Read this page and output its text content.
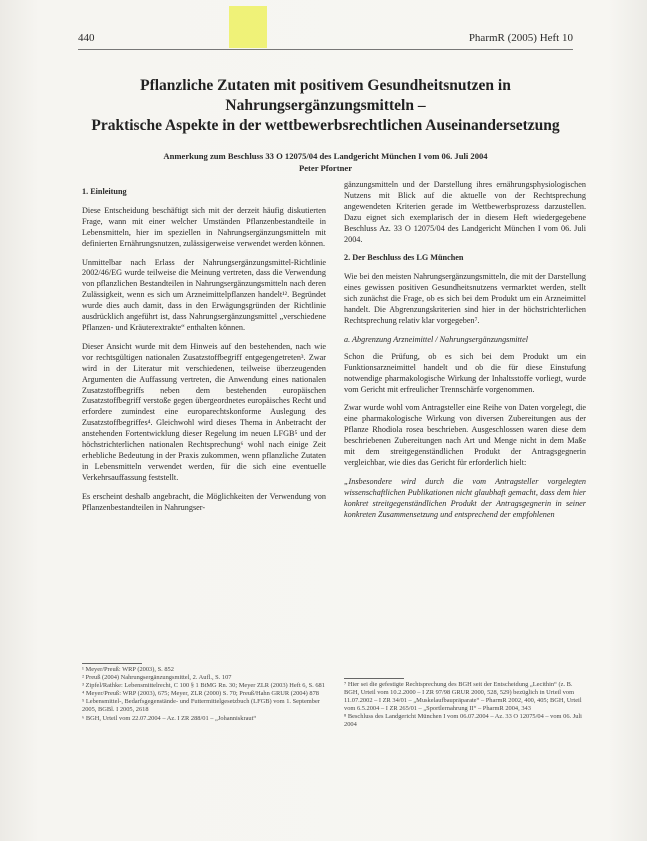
440	PharmR (2005) Heft 10
Pflanzliche Zutaten mit positivem Gesundheitsnutzen in
Nahrungsergänzungsmitteln –
Praktische Aspekte in der wettbewerbsrechtlichen Auseinandersetzung
Anmerkung zum Beschluss 33 O 12075/04 des Landgericht München I vom 06. Juli 2004
Peter Pfortner
1. Einleitung

Diese Entscheidung beschäftigt sich mit der derzeit häufig diskutierten Frage, wann mit einer welcher Umständen Pflanzenbestandteile in Lebensmitteln, hier im speziellen in Nahrungsergänzungsmitteln mit definierten Ernährungsnutzen, zulässigerweise verwendet werden können.

Unmittelbar nach Erlass der Nahrungsergänzungsmittel-Richtlinie 2002/46/EG wurde teilweise die Meinung vertreten, dass die Verwendung von pflanzlichen Bestandteilen in Nahrungsergänzungsmitteln nach deren Zulässigkeit, wenn es sich um Arzneimittelpflanzen handelt¹². Begründet wurde dies auch damit, dass in den Erwägungsgründen der Richtlinie ausdrücklich angeführt ist, dass Nahrungsergänzungsmittel „verschiedene Pflanzen- und Kräuterextrakte“ enthalten können.

Dieser Ansicht wurde mit dem Hinweis auf den bestehenden, nach wie vor rechtsgültigen nationalen Zusatzstoffbegriff entgegengetreten³. Zwar wird in der Literatur mit verschiedenen, teilweise überzeugenden Argumenten die Auffassung vertreten, die Anwendung eines nationalen Zusatzstoffbegriffs neben dem bestehenden europäischen Zusatzstoffbegriff verstoße gegen übergeordnetes europäisches Recht und erfordere zumindest eine europarechtskonforme Auslegung des Zusatzstoffbegriffes⁴. Gleichwohl wird dieses Thema in Anbetracht der anstehenden Fortentwicklung dieser Regelung im neuen LFGB⁵ und der höchstrichterlichen nationalen Rechtsprechung⁶ wohl nach einige Zeit erhebliche Bedeutung in der Praxis zukommen, wenn pflanzliche Zutaten in Lebensmitteln verwendet werden, für die sich eine eventuelle Verkehrsauffassung feststellt.

Es erscheint deshalb angebracht, die Möglichkeiten der Verwendung von Pflanzenbestandteilen in Nahrungser-

gänzungsmitteln und der Darstellung ihres ernährungsphysiologischen Nutzens mit Blick auf die aktuelle von der Rechtsprechung angewendeten Kriterien gerade im Wettbewerbsprozess darzustellen. Dazu eignet sich exemplarisch der in diesem Heft wiedergegebene Beschluss Az. 33 O 12075/04 des Landgericht München I vom 06. Juli 2004.

2. Der Beschluss des LG München

Wie bei den meisten Nahrungsergänzungsmitteln, die mit der Darstellung eines gewissen positiven Gesundheitsnutzens vermarktet werden, stellt sich zunächst die Frage, ob es sich bei dem Produkt um ein Arzneimittel handelt. Die Abgrenzungskriterien sind hier in der höchstrichterlichen Rechtsprechung relativ klar vorgegeben⁷.

a. Abgrenzung Arzneimittel / Nahrungsergänzungsmittel

Schon die Prüfung, ob es sich bei dem Produkt um ein Funktionsarzneimittel handelt und ob die für diese Einstufung notwendige pharmakologische Wirkung der Inhaltsstoffe vorliegt, wurde vom Gericht mit erfreulicher Trennschärfe vorgenommen.

Zwar wurde wohl vom Antragsteller eine Reihe von Daten vorgelegt, die eine pharmakologische Wirkung von diversen Zubereitungen aus der Pflanze Rhodiola rosea beschrieben. Ausgeschlossen waren diese dem beschriebenen Zubereitungen nach Art und Menge nicht in dem Maße mit dem streitgegenständlichen Produkt der Antragsgegnerin vergleichbar, wie dies das Gericht für erforderlich hielt:

„Insbesondere wird durch die vom Antragsteller vorgelegten wissenschaftlichen Publikationen nicht glaubhaft gemacht, dass dem hier konkret streitgegenständlichen Produkt der Antragsgegnerin in seiner konkreten Zusammensetzung und entsprechend der empfohlenen

¹ Meyer/Preuß: WRP (2003), S. 852
² Preuß (2004) Nahrungsergänzungsmittel, 2. Aufl., S. 107
³ Zipfel/Rathke: Lebensmittelrecht, C 100 § 1 BtMG Rn. 30; Meyer ZLR (2003) Heft 6, S. 681
⁴ Meyer/Preuß: WRP (2003), 675; Meyer, ZLR (2000) S. 70; Preuß/Hahn GRUR (2004) 878
⁵ Lebensmittel-, Bedarfsgegenstände- und Futtermittelgesetzbuch (LFGB) vom 1. September 2005, BGBl. I 2005, 2618
⁶ BGH, Urteil vom 22.07.2004 – Az. I ZR 288/01 – „Johanniskraut“
⁷ Hier sei die gefestigte Rechtsprechung des BGH seit der Entscheidung „Lecithin“ (z. B. BGH, Urteil vom 10.2.2000 – I ZR 97/98 GRUR 2000, 528, 529) bezüglich in Urteil vom 11.07.2002 – I ZR 34/01 – „Muskelaufbaupräparate“ – PharmR 2002, 400, 405; BGH, Urteil vom 6.5.2004 – I ZR 265/01 – „Sportlernahrung II“ – PharmR 2004, 343
⁸ Beschluss des Landgericht München I vom 06.07.2004 – Az. 33 O 12075/04 – vom 06. Juli 2004
